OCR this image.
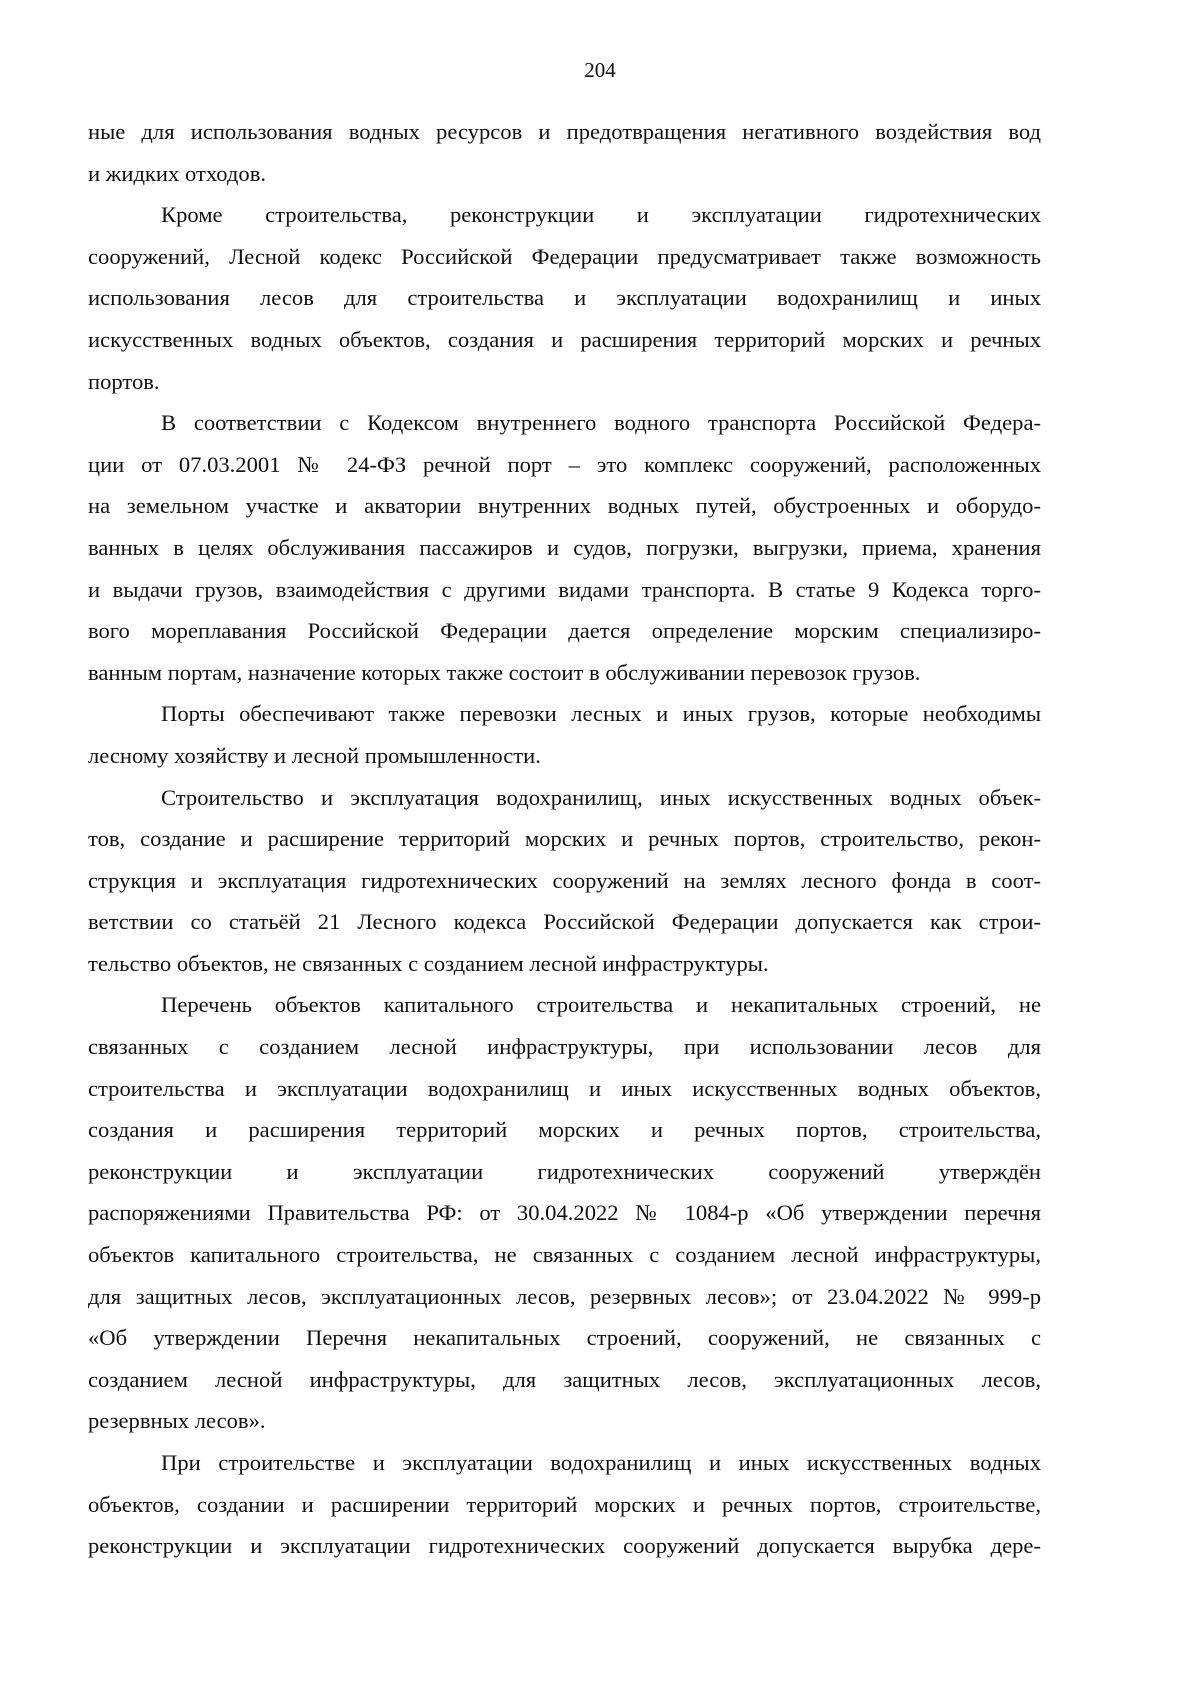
204

ные для использования водных ресурсов и предотвращения негативного воздействия вод

и жидких отходов.

Кроме строительства, реконструкции и эксплуатации гидротехнических

сооружений, Лесной кодекс Российской Федерации предусматривает также возможность

использования лесов для строительства и эксплуатации водохранилищ и иных

искусственных водных объектов, создания и расширения территорий морских и речных

портов.

В соответствии с Кодексом внутреннего водного транспорта Российской Федера-

ции от 07.03.2001 № 24-ФЗ речной порт – это комплекс сооружений, расположенных

на земельном участке и акватории внутренних водных путей, обустроенных и оборудо-

ванных в целях обслуживания пассажиров и судов, погрузки, выгрузки, приема, хранения

и выдачи грузов, взаимодействия с другими видами транспорта. В статье 9 Кодекса торго-

вого мореплавания Российской Федерации дается определение морским специализиро-

ванным портам, назначение которых также состоит в обслуживании перевозок грузов.

Порты обеспечивают также перевозки лесных и иных грузов, которые необходимы

лесному хозяйству и лесной промышленности.

Строительство и эксплуатация водохранилищ, иных искусственных водных объек-

тов, создание и расширение территорий морских и речных портов, строительство, рекон-

струкция и эксплуатация гидротехнических сооружений на землях лесного фонда в соот-

ветствии со статьёй 21 Лесного кодекса Российской Федерации допускается как строи-

тельство объектов, не связанных с созданием лесной инфраструктуры.

Перечень объектов капитального строительства и некапитальных строений, не

связанных с созданием лесной инфраструктуры, при использовании лесов для

строительства и эксплуатации водохранилищ и иных искусственных водных объектов,

создания и расширения территорий морских и речных портов, строительства,

реконструкции и эксплуатации гидротехнических сооружений утверждён

распоряжениями Правительства РФ: от 30.04.2022 № 1084-р «Об утверждении перечня

объектов капитального строительства, не связанных с созданием лесной инфраструктуры,

для защитных лесов, эксплуатационных лесов, резервных лесов»; от 23.04.2022 № 999-р

«Об утверждении Перечня некапитальных строений, сооружений, не связанных с

созданием лесной инфраструктуры, для защитных лесов, эксплуатационных лесов,

резервных лесов».

При строительстве и эксплуатации водохранилищ и иных искусственных водных

объектов, создании и расширении территорий морских и речных портов, строительстве,

реконструкции и эксплуатации гидротехнических сооружений допускается вырубка дере-
